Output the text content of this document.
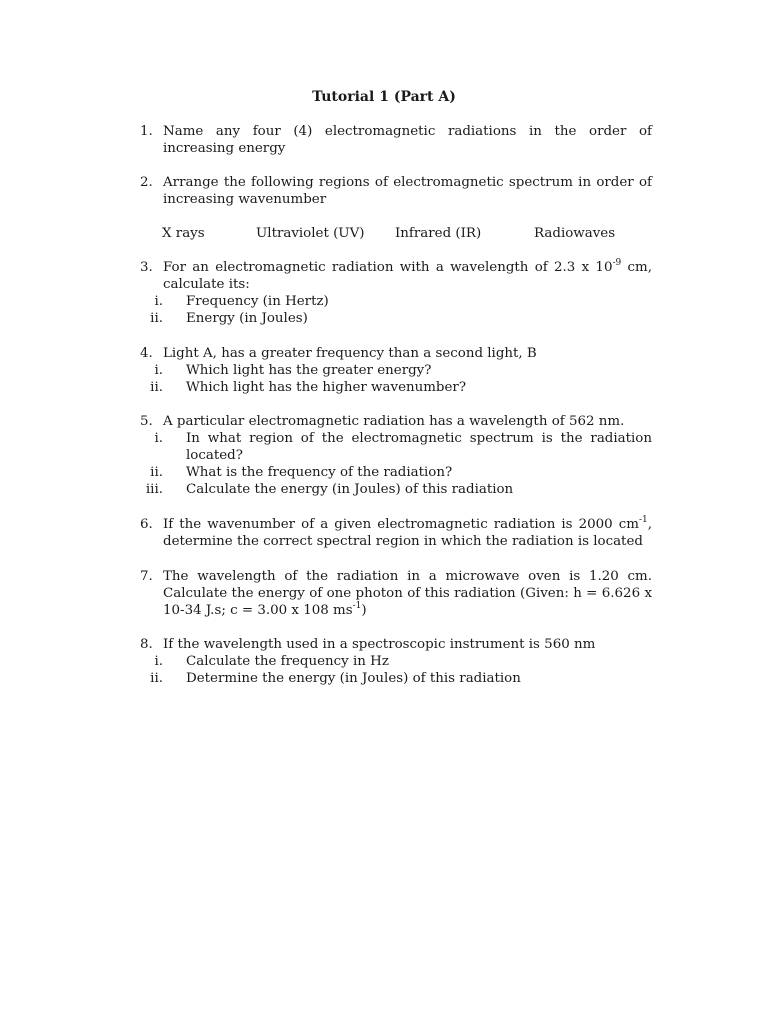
Tutorial 1 (Part A)
1. Name any four (4) electromagnetic radiations in the order of increasing energy
2. Arrange the following regions of electromagnetic spectrum in order of increasing wavenumber
X rays	Ultraviolet (UV) Infrared (IR)	Radiowaves
3. For an electromagnetic radiation with a wavelength of 2.3 x $10^{-9}$ cm, calculate its:
i. Frequency (in Hertz)
ii. Energy (in Joules)
4. Light A, has a greater frequency than a second light, B
i. Which light has the greater energy?
ii. Which light has the higher wavenumber?
5. A particular electromagnetic radiation has a wavelength of 562 nm.
i. In what region of the electromagnetic spectrum is the radiation located?
ii. What is the frequency of the radiation?
iii. Calculate the energy (in Joules) of this radiation
6. If the wavenumber of a given electromagnetic radiation is 2000 $cm^{-1}$, determine the correct spectral region in which the radiation is located
7. The wavelength of the radiation in a microwave oven is 1.20 cm. Calculate the energy of one photon of this radiation (Given: h = 6.626 x 10-34 J.s; c = 3.00 x 108 $ms^{-1}$)
8. If the wavelength used in a spectroscopic instrument is 560 nm
i. Calculate the frequency in Hz
ii. Determine the energy (in Joules) of this radiation
